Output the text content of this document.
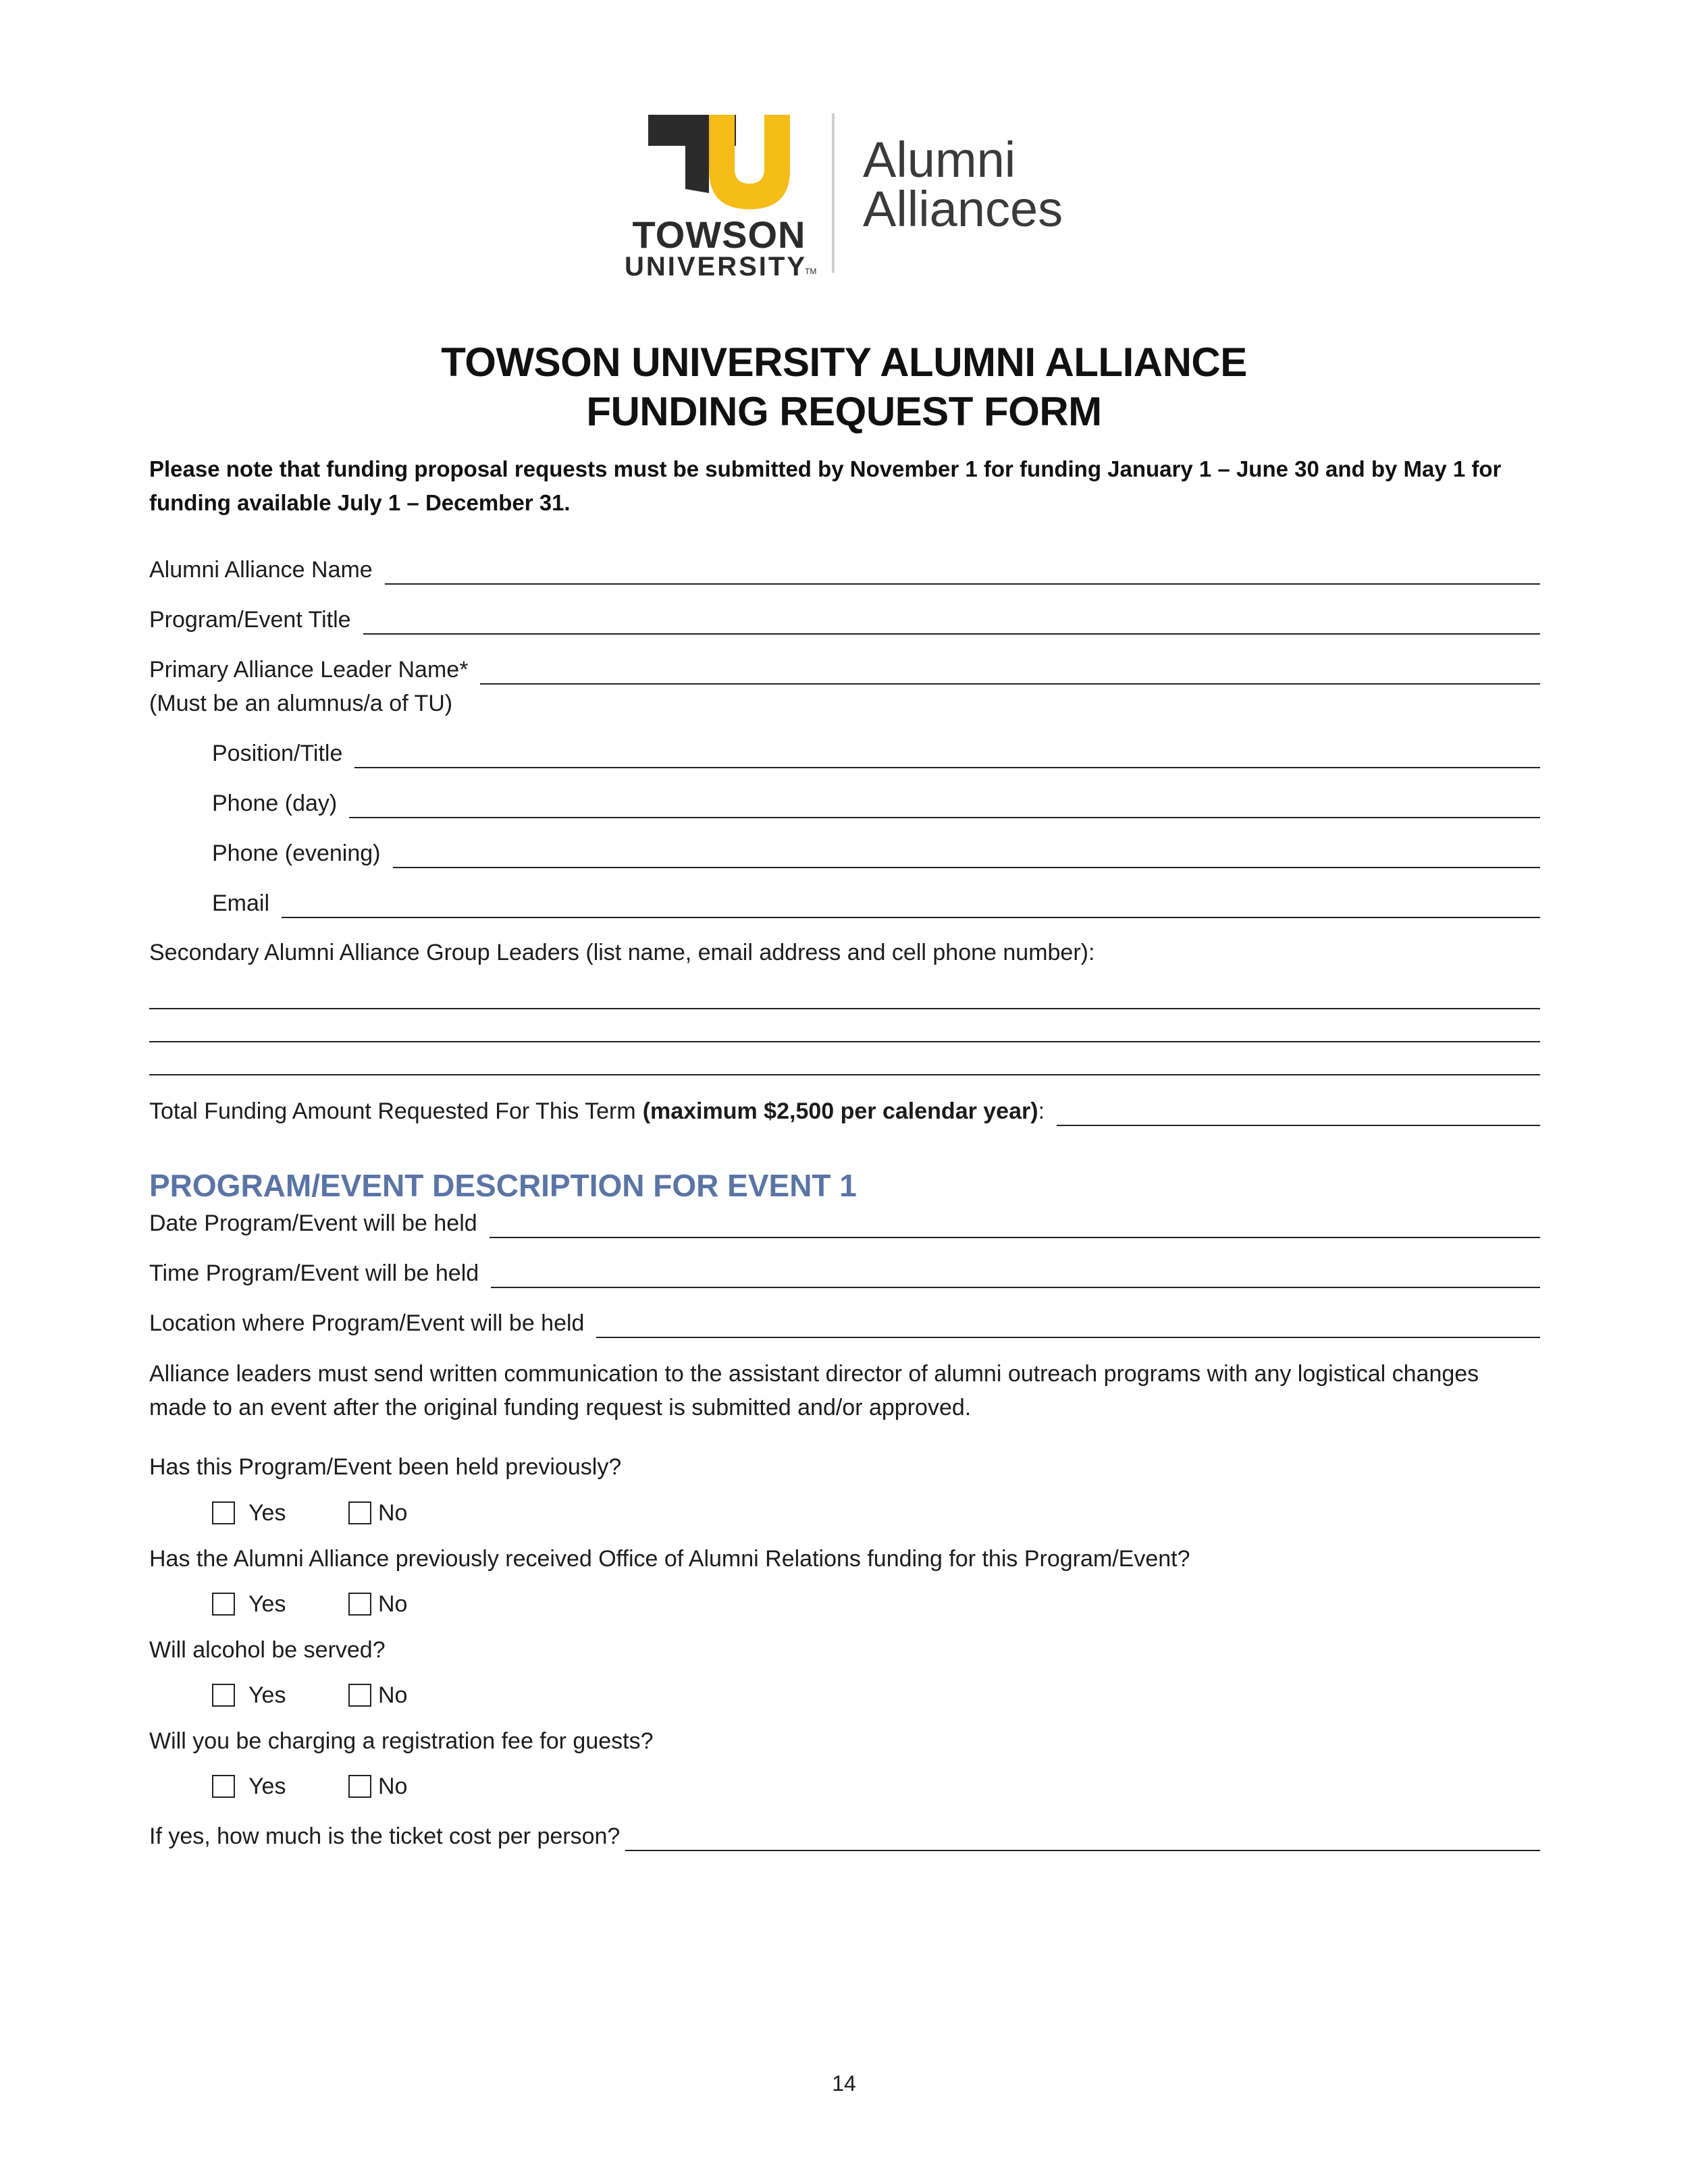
TOWSON
UNIVERSITY
TM
Alumni
Alliances
TOWSON UNIVERSITY ALUMNI ALLIANCE
FUNDING REQUEST FORM
Please note that funding proposal requests must be submitted by November 1 for funding January 1 – June 30 and by May 1 for funding available July 1 – December 31.
Alumni Alliance Name
Program/Event Title
Primary Alliance Leader Name*
(Must be an alumnus/a of TU)
Position/Title
Phone (day)
Phone (evening)
Email
Secondary Alumni Alliance Group Leaders (list name, email address and cell phone number):
Total Funding Amount Requested For This Term (maximum $2,500 per calendar year) :
PROGRAM/EVENT DESCRIPTION FOR EVENT 1
Date Program/Event will be held
Time Program/Event will be held
Location where Program/Event will be held
Alliance leaders must send written communication to the assistant director of alumni outreach programs with any logistical changes made to an event after the original funding request is submitted and/or approved.
Has this Program/Event been held previously?
Yes	No
Has the Alumni Alliance previously received Office of Alumni Relations funding for this Program/Event?
Yes	No
Will alcohol be served?
Yes	No
Will you be charging a registration fee for guests?
Yes	No
If yes, how much is the ticket cost per person?
14
